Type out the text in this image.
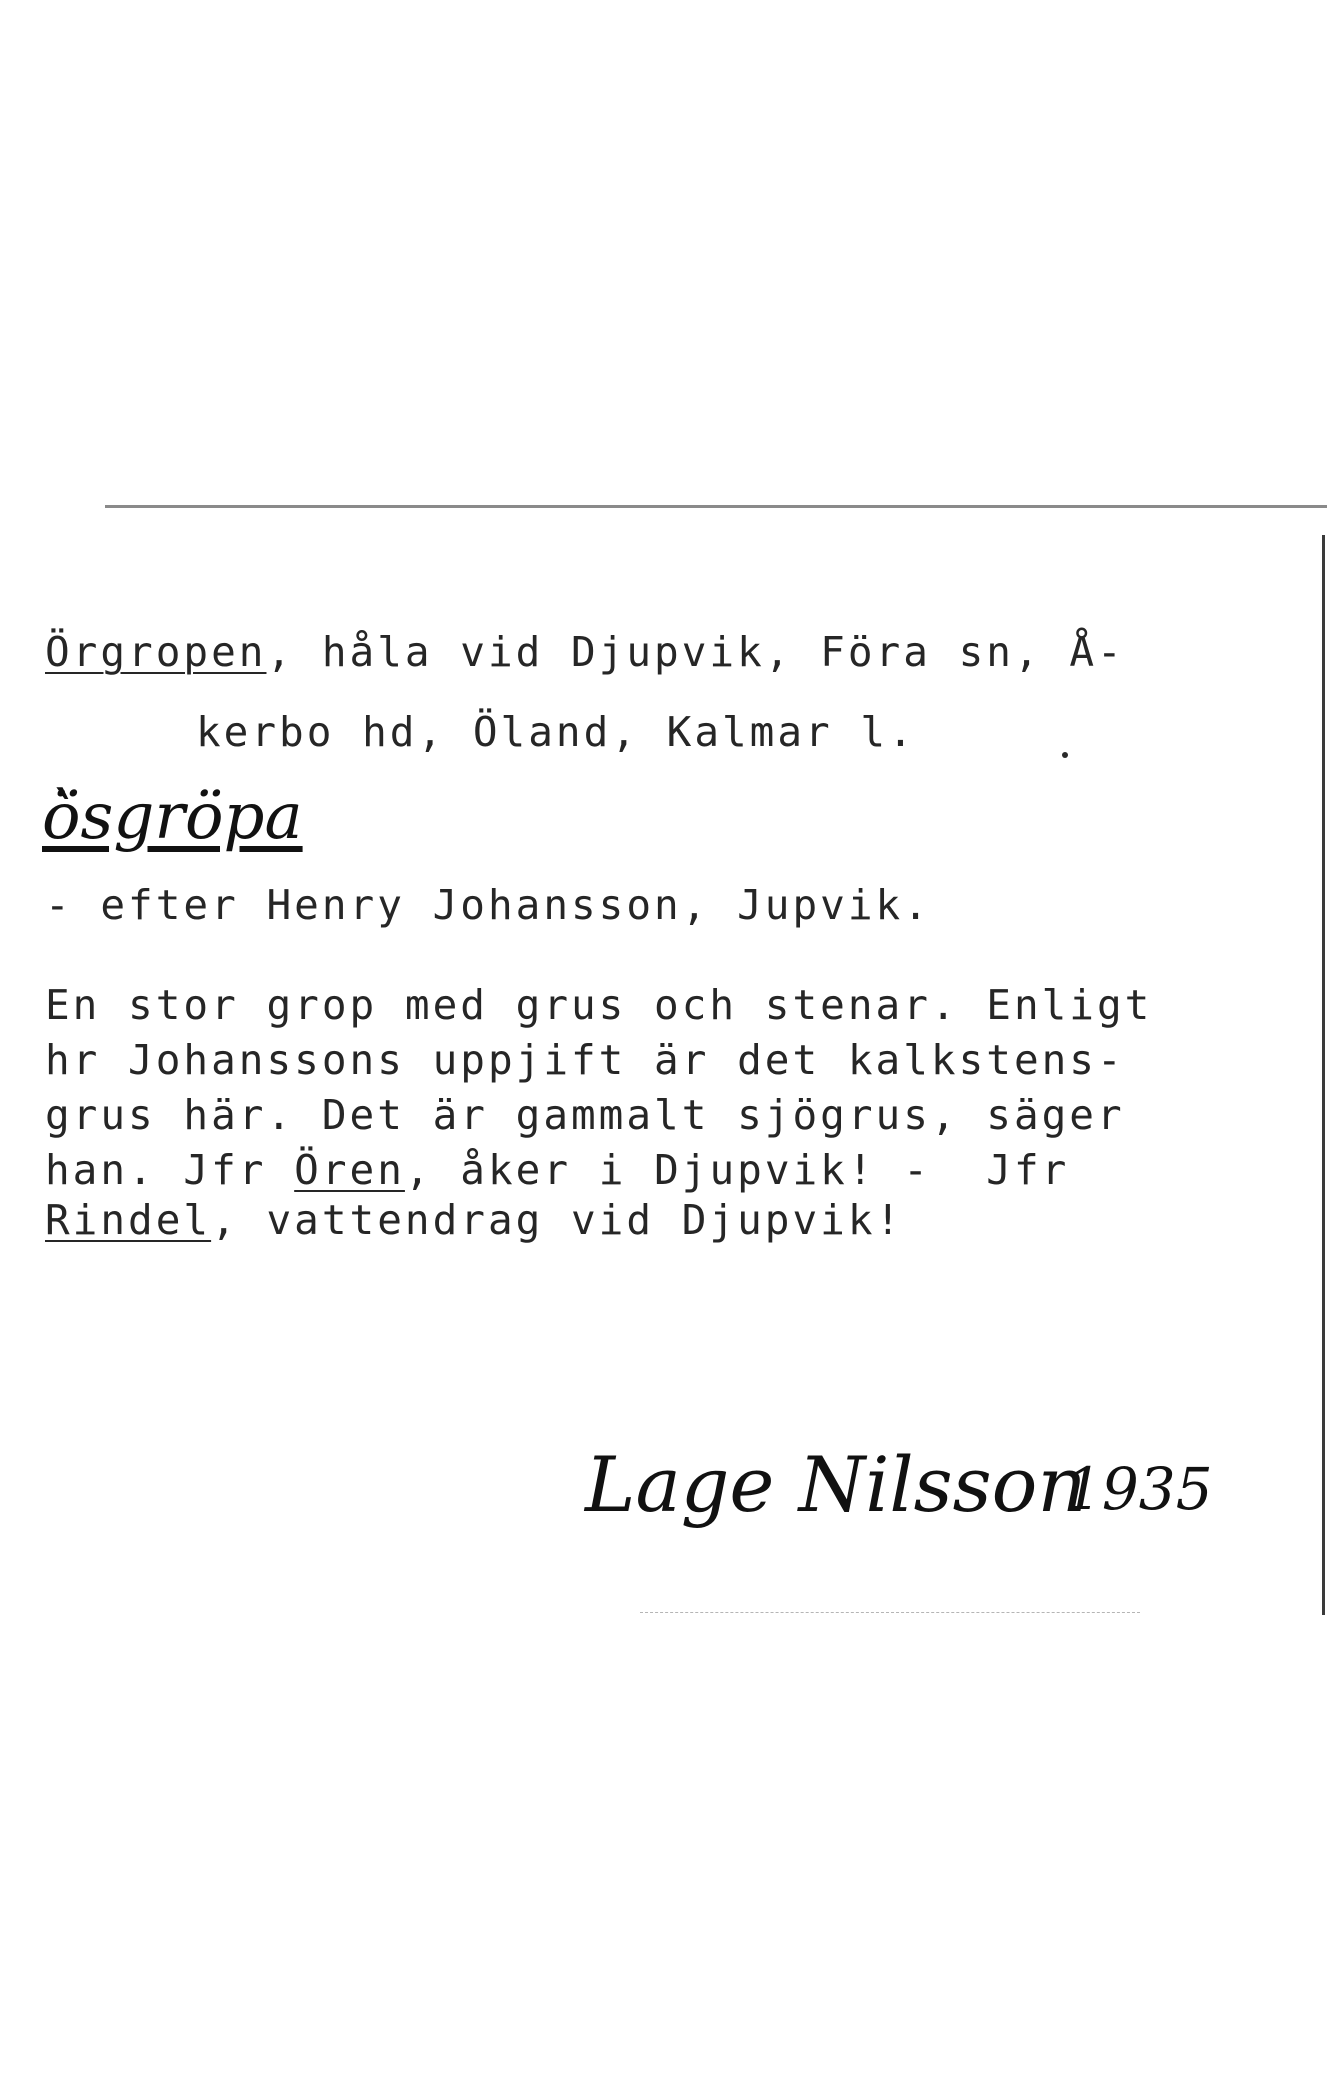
Örgropen, håla vid Djupvik, Föra sn, Å-
kerbo hd, Öland, Kalmar l.
ö̀sgröpa
- efter Henry Johansson, Jupvik.
En stor grop med grus och stenar. Enligt
hr Johanssons uppjift är det kalkstens-
grus här. Det är gammalt sjögrus, säger
han. Jfr Ören, åker i Djupvik! -  Jfr
Rindel, vattendrag vid Djupvik!
Lage Nilsson
1935
